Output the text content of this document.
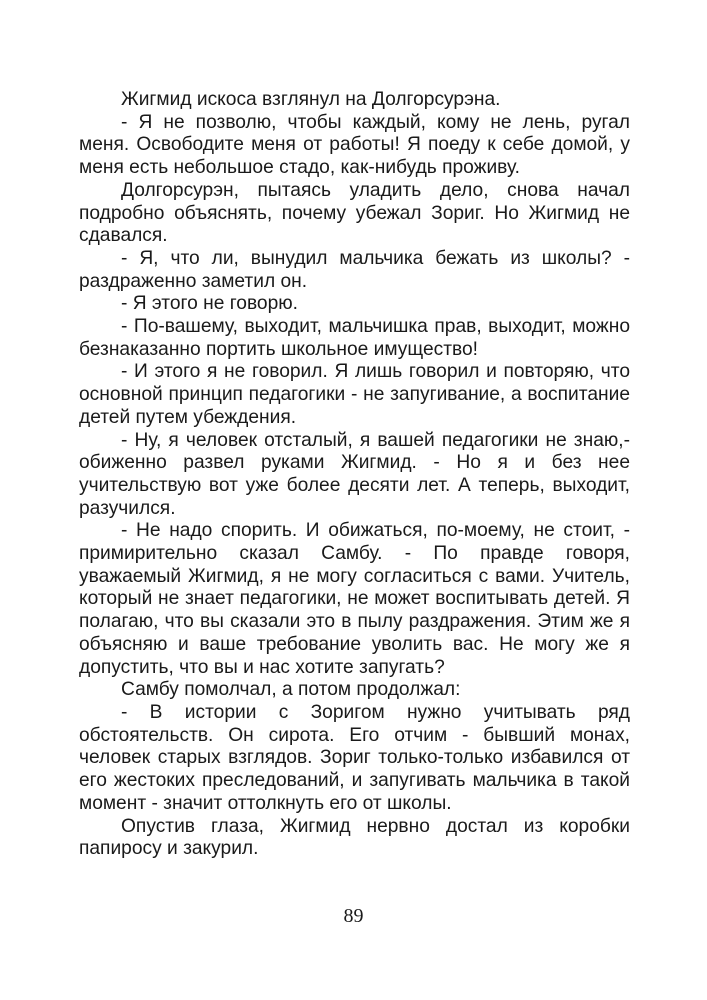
Жигмид искоса взглянул на Долгорсурэна.

- Я не позволю, чтобы каждый, кому не лень, ругал меня. Освободите меня от работы! Я поеду к себе домой, у меня есть небольшое стадо, как-нибудь проживу.

Долгорсурэн, пытаясь уладить дело, снова начал подробно объяснять, почему убежал Зориг. Но Жигмид не сдавался.

- Я, что ли, вынудил мальчика бежать из школы? - раздраженно заметил он.

- Я этого не говорю.

- По-вашему, выходит, мальчишка прав, выходит, можно безнаказанно портить школьное имущество!

- И этого я не говорил. Я лишь говорил и повторяю, что основной принцип педагогики - не запугивание, а воспитание детей путем убеждения.

- Ну, я человек отсталый, я вашей педагогики не знаю,- обиженно развел руками Жигмид. - Но я и без нее учительствую вот уже более десяти лет. А теперь, выходит, разучился.

- Не надо спорить. И обижаться, по-моему, не стоит, - примирительно сказал Самбу. - По правде говоря, уважаемый Жигмид, я не могу согласиться с вами. Учитель, который не знает педагогики, не может воспитывать детей. Я полагаю, что вы сказали это в пылу раздражения. Этим же я объясняю и ваше требование уволить вас. Не могу же я допустить, что вы и нас хотите запугать?

Самбу помолчал, а потом продолжал:

- В истории с Зоригом нужно учитывать ряд обстоятельств. Он сирота. Его отчим - бывший монах, человек старых взглядов. Зориг только-только избавился от его жестоких преследований, и запугивать мальчика в такой момент - значит оттолкнуть его от школы.

Опустив глаза, Жигмид нервно достал из коробки папиросу и закурил.

89
